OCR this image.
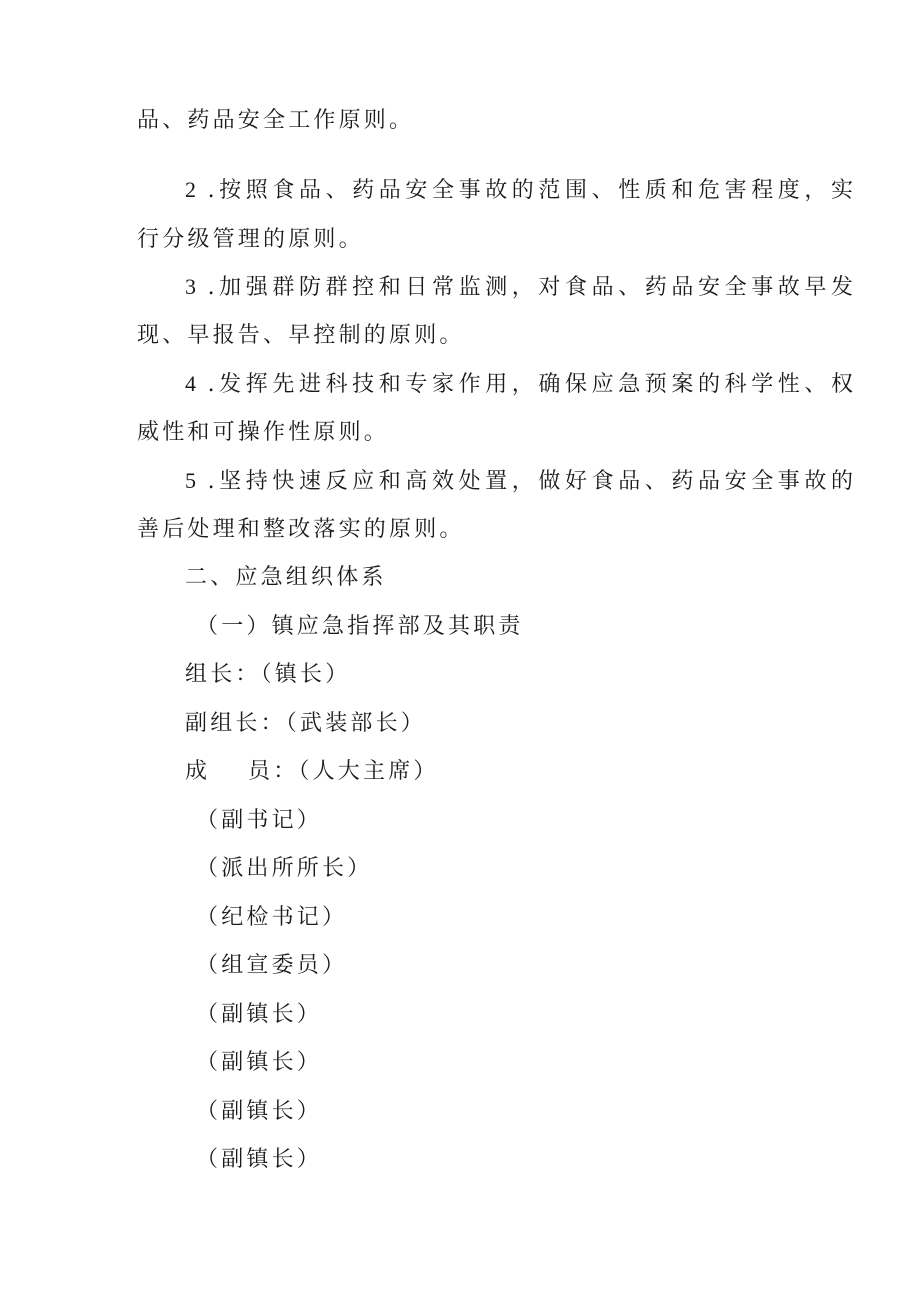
品、药品安全工作原则。
2 .按照食品、药品安全事故的范围、性质和危害程度，实
行分级管理的原则。
3 .加强群防群控和日常监测，对食品、药品安全事故早发
现、早报告、早控制的原则。
4 .发挥先进科技和专家作用，确保应急预案的科学性、权
威性和可操作性原则。
5 .坚持快速反应和高效处置，做好食品、药品安全事故的
善后处理和整改落实的原则。
二、应急组织体系
（一）镇应急指挥部及其职责
组长：（镇长）
副组长：（武装部长）
成 员：（人大主席）
（副书记）
（派出所所长）
（纪检书记）
（组宣委员）
（副镇长）
（副镇长）
（副镇长）
（副镇长）
